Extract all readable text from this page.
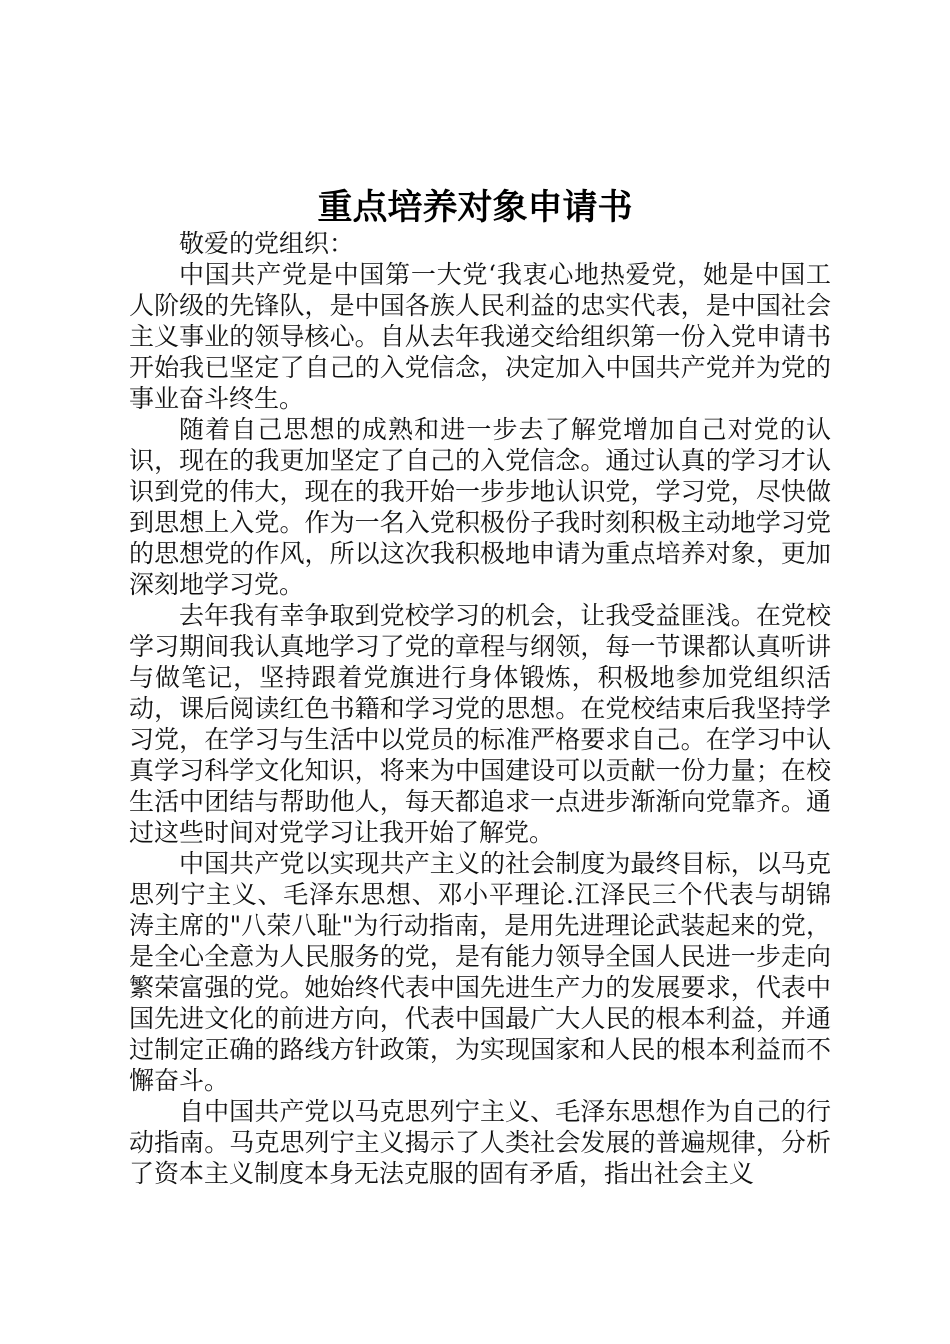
重点培养对象申请书

敬爱的党组织：

中国共产党是中国第一大党‘我衷心地热爱党，她是中国工人阶级的先锋队，是中国各族人民利益的忠实代表，是中国社会主义事业的领导核心。自从去年我递交给组织第一份入党申请书开始我已坚定了自己的入党信念，决定加入中国共产党并为党的事业奋斗终生。

随着自己思想的成熟和进一步去了解党增加自己对党的认识，现在的我更加坚定了自己的入党信念。通过认真的学习才认识到党的伟大，现在的我开始一步步地认识党，学习党，尽快做到思想上入党。作为一名入党积极份子我时刻积极主动地学习党的思想党的作风，所以这次我积极地申请为重点培养对象，更加深刻地学习党。

去年我有幸争取到党校学习的机会，让我受益匪浅。在党校学习期间我认真地学习了党的章程与纲领，每一节课都认真听讲与做笔记，坚持跟着党旗进行身体锻炼，积极地参加党组织活动，课后阅读红色书籍和学习党的思想。在党校结束后我坚持学习党，在学习与生活中以党员的标准严格要求自己。在学习中认真学习科学文化知识，将来为中国建设可以贡献一份力量；在校生活中团结与帮助他人，每天都追求一点进步渐渐向党靠齐。通过这些时间对党学习让我开始了解党。

中国共产党以实现共产主义的社会制度为最终目标，以马克思列宁主义、毛泽东思想、邓小平理论.江泽民三个代表与胡锦涛主席的"八荣八耻"为行动指南，是用先进理论武装起来的党，是全心全意为人民服务的党，是有能力领导全国人民进一步走向繁荣富强的党。她始终代表中国先进生产力的发展要求，代表中国先进文化的前进方向，代表中国最广大人民的根本利益，并通过制定正确的路线方针政策，为实现国家和人民的根本利益而不懈奋斗。

自中国共产党以马克思列宁主义、毛泽东思想作为自己的行动指南。马克思列宁主义揭示了人类社会发展的普遍规律，分析了资本主义制度本身无法克服的固有矛盾，指出社会主义
